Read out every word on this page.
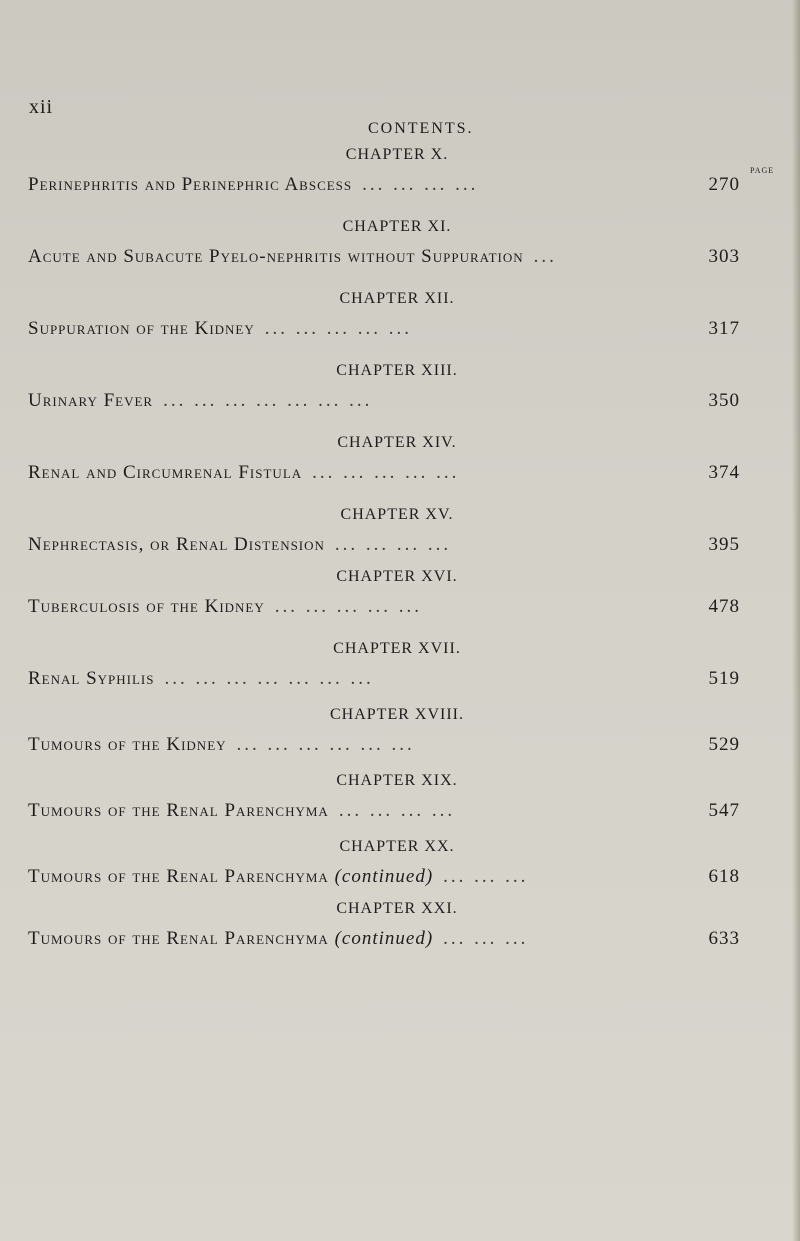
xii
CONTENTS.
PAGE
CHAPTER X.
Perinephritis and Perinephric Abscess ... ... ... ...	270
CHAPTER XI.
Acute and Subacute Pyelo-nephritis without Suppuration ...	303
CHAPTER XII.
Suppuration of the Kidney ... ... ... ... ...	317
CHAPTER XIII.
Urinary Fever ... ... ... ... ... ... ...	350
CHAPTER XIV.
Renal and Circumrenal Fistula ... ... ... ... ...	374
CHAPTER XV.
Nephrectasis, or Renal Distension ... ... ... ...	395
CHAPTER XVI.
Tuberculosis of the Kidney ... ... ... ... ...	478
CHAPTER XVII.
Renal Syphilis ... ... ... ... ... ... ...	519
CHAPTER XVIII.
Tumours of the Kidney ... ... ... ... ... ...	529
CHAPTER XIX.
Tumours of the Renal Parenchyma ... ... ... ...	547
CHAPTER XX.
Tumours of the Renal Parenchyma (continued) ... ... ...	618
CHAPTER XXI.
Tumours of the Renal Parenchyma (continued) ... ... ...	633
